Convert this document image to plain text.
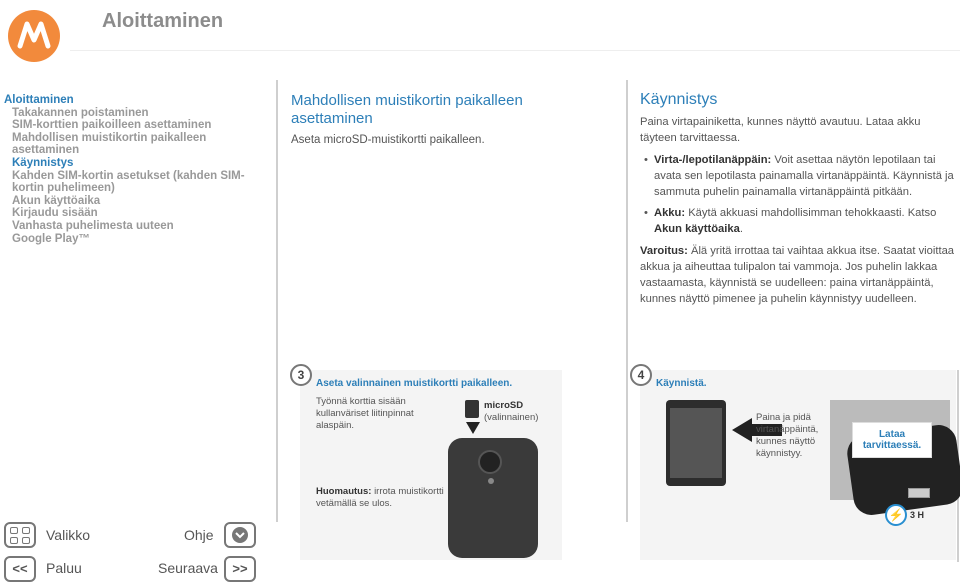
Aloittaminen
Aloittaminen
Takakannen poistaminen
SIM-korttien paikoilleen asettaminen
Mahdollisen muistikortin paikalleen asettaminen
Käynnistys
Kahden SIM-kortin asetukset (kahden SIM-kortin puhelimeen)
Akun käyttöaika
Kirjaudu sisään
Vanhasta puhelimesta uuteen
Google Play™
Mahdollisen muistikortin paikalleen asettaminen

Aseta microSD-muistikortti paikalleen.

Käynnistys
Paina virtapainiketta, kunnes näyttö avautuu. Lataa akku täyteen tarvittaessa.
• Virta-/lepotilanäppäin: Voit asettaa näytön lepotilaan tai avata sen lepotilasta painamalla virtanäppäintä. Käynnistä ja sammuta puhelin painamalla virtanäppäintä pitkään.
• Akku: Käytä akkuasi mahdollisimman tehokkaasti. Katso Akun käyttöaika.
Varoitus: Älä yritä irrottaa tai vaihtaa akkua itse. Saatat vioittaa akkua ja aiheuttaa tulipalon tai vammoja. Jos puhelin lakkaa vastaamasta, käynnistä se uudelleen: paina virtanäppäintä, kunnes näyttö pimenee ja puhelin käynnistyy uudelleen.
3
Aseta valinnainen muistikortti paikalleen.
Työnnä korttia sisään kullanväriset liitinpinnat alaspäin.
microSD
(valinnainen)
Huomautus: irrota muistikortti vetämällä se ulos.
4
Käynnistä.
Paina ja pidä virtanäppäintä, kunnes näyttö käynnistyy.
Lataa tarvittaessä.
⚡ 3 H
Valikko	Ohje
<<	Paluu	Seuraava	>>
